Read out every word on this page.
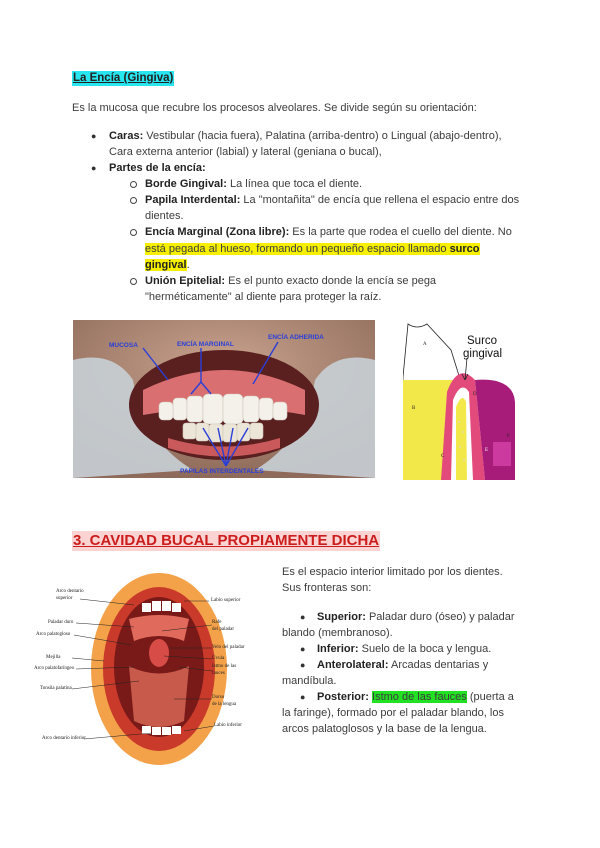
La Encía (Gingiva)
Es la mucosa que recubre los procesos alveolares. Se divide según su orientación:
● Caras: Vestibular (hacia fuera), Palatina (arriba-dentro) o Lingual (abajo-dentro),
Cara externa anterior (labial) y lateral (geniana o bucal),
● Partes de la encía:
Borde Gingival: La línea que toca el diente.
Papila Interdental: La "montañita" de encía que rellena el espacio entre dos
dientes.
Encía Marginal (Zona libre): Es la parte que rodea el cuello del diente. No
está pegada al hueso, formando un pequeño espacio llamado surco
gingival.
Unión Epitelial: Es el punto exacto donde la encía se pega
"herméticamente" al diente para proteger la raíz.
MUCOSA	ENCÍA MARGINAL
ENCÍA ADHERIDA
PAPILAS INTERDENTALES
Surco
gingival
A
B
C
D
E
F
3. CAVIDAD BUCAL PROPIAMENTE DICHA
Arco dentario
superior
Paladar duro
Arco palatogloso
Mejilla
Arco palatofaríngeo
Tonsila palatina
Arco dentario inferior
Labio superior
Rafe
del paladar
Velo del paladar
Úvula
Istmo de las
fauces
Dorso
de la lengua
Labio inferior
Es el espacio interior limitado por los dientes.
Sus fronteras son:
● Superior: Paladar duro (óseo) y paladar
blando (membranoso).
● Inferior: Suelo de la boca y lengua.
● Anterolateral: Arcadas dentarias y
mandíbula.
● Posterior: Istmo de las fauces (puerta a
la faringe), formado por el paladar blando, los
arcos palatoglosos y la base de la lengua.
